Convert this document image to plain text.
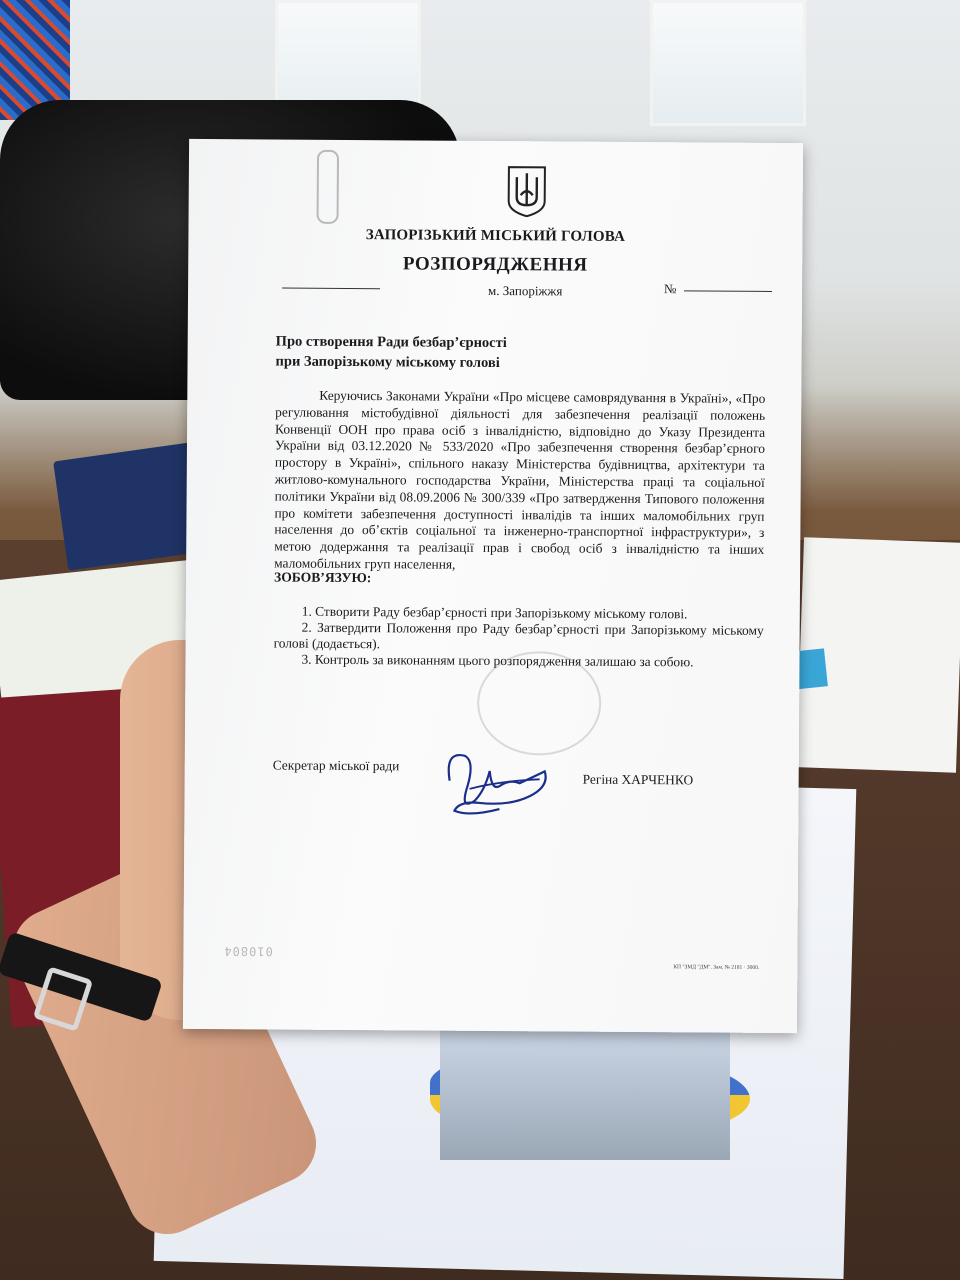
ЗАПОРІЗЬКИЙ МІСЬКИЙ ГОЛОВА
РОЗПОРЯДЖЕННЯ
м. Запоріжжя	№
Про створення Ради безбар’єрності
при Запорізькому міському голові
Керуючись Законами України «Про місцеве самоврядування в Україні», «Про регулювання містобудівної діяльності для забезпечення реалізації положень Конвенції ООН про права осіб з інвалідністю, відповідно до Указу Президента України від 03.12.2020 № 533/2020 «Про забезпечення створення безбар’єрного простору в Україні», спільного наказу Міністерства будівництва, архітектури та житлово-комунального господарства України, Міністерства праці та соціальної політики України від 08.09.2006 № 300/339 «Про затвердження Типового положення про комітети забезпечення доступності інвалідів та інших маломобільних груп населення до об’єктів соціальної та інженерно-транспортної інфраструктури», з метою додержання та реалізації прав і свобод осіб з інвалідністю та інших маломобільних груп населення,
ЗОБОВ’ЯЗУЮ:
1. Створити Раду безбар’єрності при Запорізькому міському голові.
2. Затвердити Положення про Раду безбар’єрності при Запорізькому міському голові (додається).
3. Контроль за виконанням цього розпорядження залишаю за собою.
Секретар міської ради
Регіна ХАРЧЕНКО
010804
КП "ЗМД "ДМ". Зам. № 2181 · 3000.
